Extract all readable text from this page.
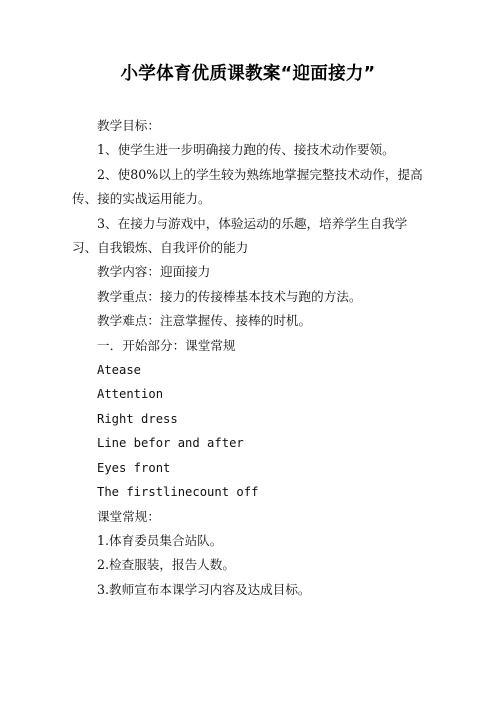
小学体育优质课教案“迎面接力”

教学目标：

1、使学生进一步明确接力跑的传、接技术动作要领。

2、使80%以上的学生较为熟练地掌握完整技术动作，提高传、接的实战运用能力。

3、在接力与游戏中，体验运动的乐趣，培养学生自我学习、自我锻炼、自我评价的能力

教学内容：迎面接力

教学重点：接力的传接棒基本技术与跑的方法。

教学难点：注意掌握传、接棒的时机。

一．开始部分：课堂常规

Atease

Attention

Right dress

Line befor and after

Eyes front

The firstlinecount off

课堂常规：

1.体育委员集合站队。

2.检查服装，报告人数。

3.教师宣布本课学习内容及达成目标。
